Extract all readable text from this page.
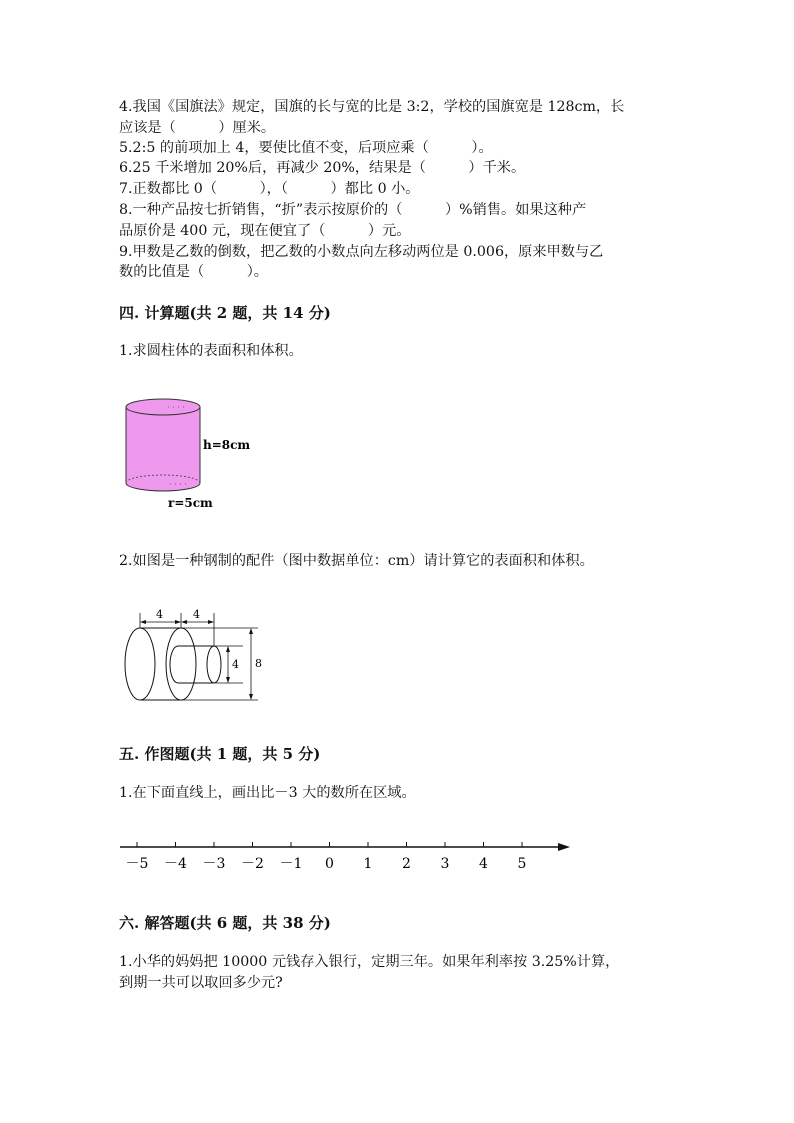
4.我国《国旗法》规定，国旗的长与宽的比是 3:2，学校的国旗宽是 128cm，长
应该是（　　　）厘米。
5.2:5 的前项加上 4，要使比值不变，后项应乘（　　　）。
6.25 千米增加 20%后，再减少 20%，结果是（　　　）千米。
7.正数都比 0（　　　），（　　　）都比 0 小。
8.一种产品按七折销售，“折”表示按原价的（　　　）%销售。如果这种产
品原价是 400 元，现在便宜了（　　　）元。
9.甲数是乙数的倒数，把乙数的小数点向左移动两位是 0.006，原来甲数与乙
数的比值是（　　　）。
四. 计算题(共 2 题，共 14 分)
1.求圆柱体的表面积和体积。
· · · ·
· · · ·
h=8cm
r=5cm
2.如图是一种钢制的配件（图中数据单位：cm）请计算它的表面积和体积。
4	4
4 8
五. 作图题(共 1 题，共 5 分)
1.在下面直线上，画出比－3 大的数所在区域。
－5 －4 －3 －2 －1 0 1 2 3 4 5
六. 解答题(共 6 题，共 38 分)
1.小华的妈妈把 10000 元钱存入银行，定期三年。如果年利率按 3.25%计算，
到期一共可以取回多少元?
